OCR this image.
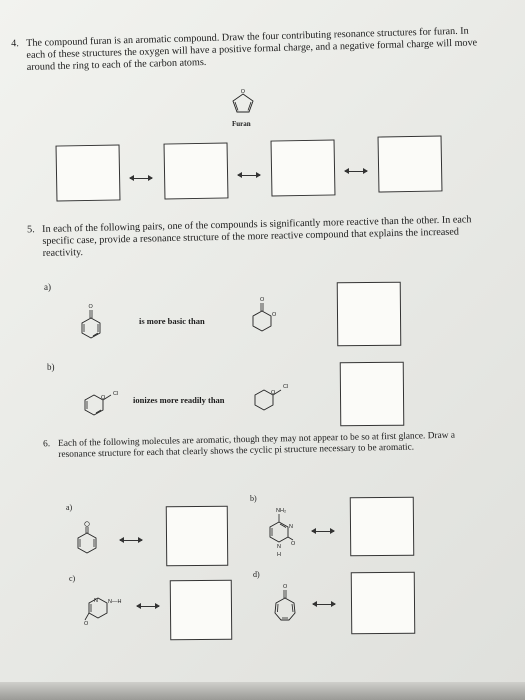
4. The compound furan is an aromatic compound. Draw the four contributing resonance structures for furan. In each of these structures the oxygen will have a positive formal charge, and a negative formal charge will move around the ring to each of the carbon atoms.
O
Furan
5. In each of the following pairs, one of the compounds is significantly more reactive than the other. In each specific case, provide a resonance structure of the more reactive compound that explains the increased reactivity.
a)
O
is more basic than
O
O
b)
O
Cl
ionizes more readily than
O
Cl
6. Each of the following molecules are aromatic, though they may not appear to be so at first glance. Draw a resonance structure for each that clearly shows the cyclic pi structure necessary to be aromatic.
a)
b)
NH₂
N
O
N
H
c)
N
O
N—H
d)
O
